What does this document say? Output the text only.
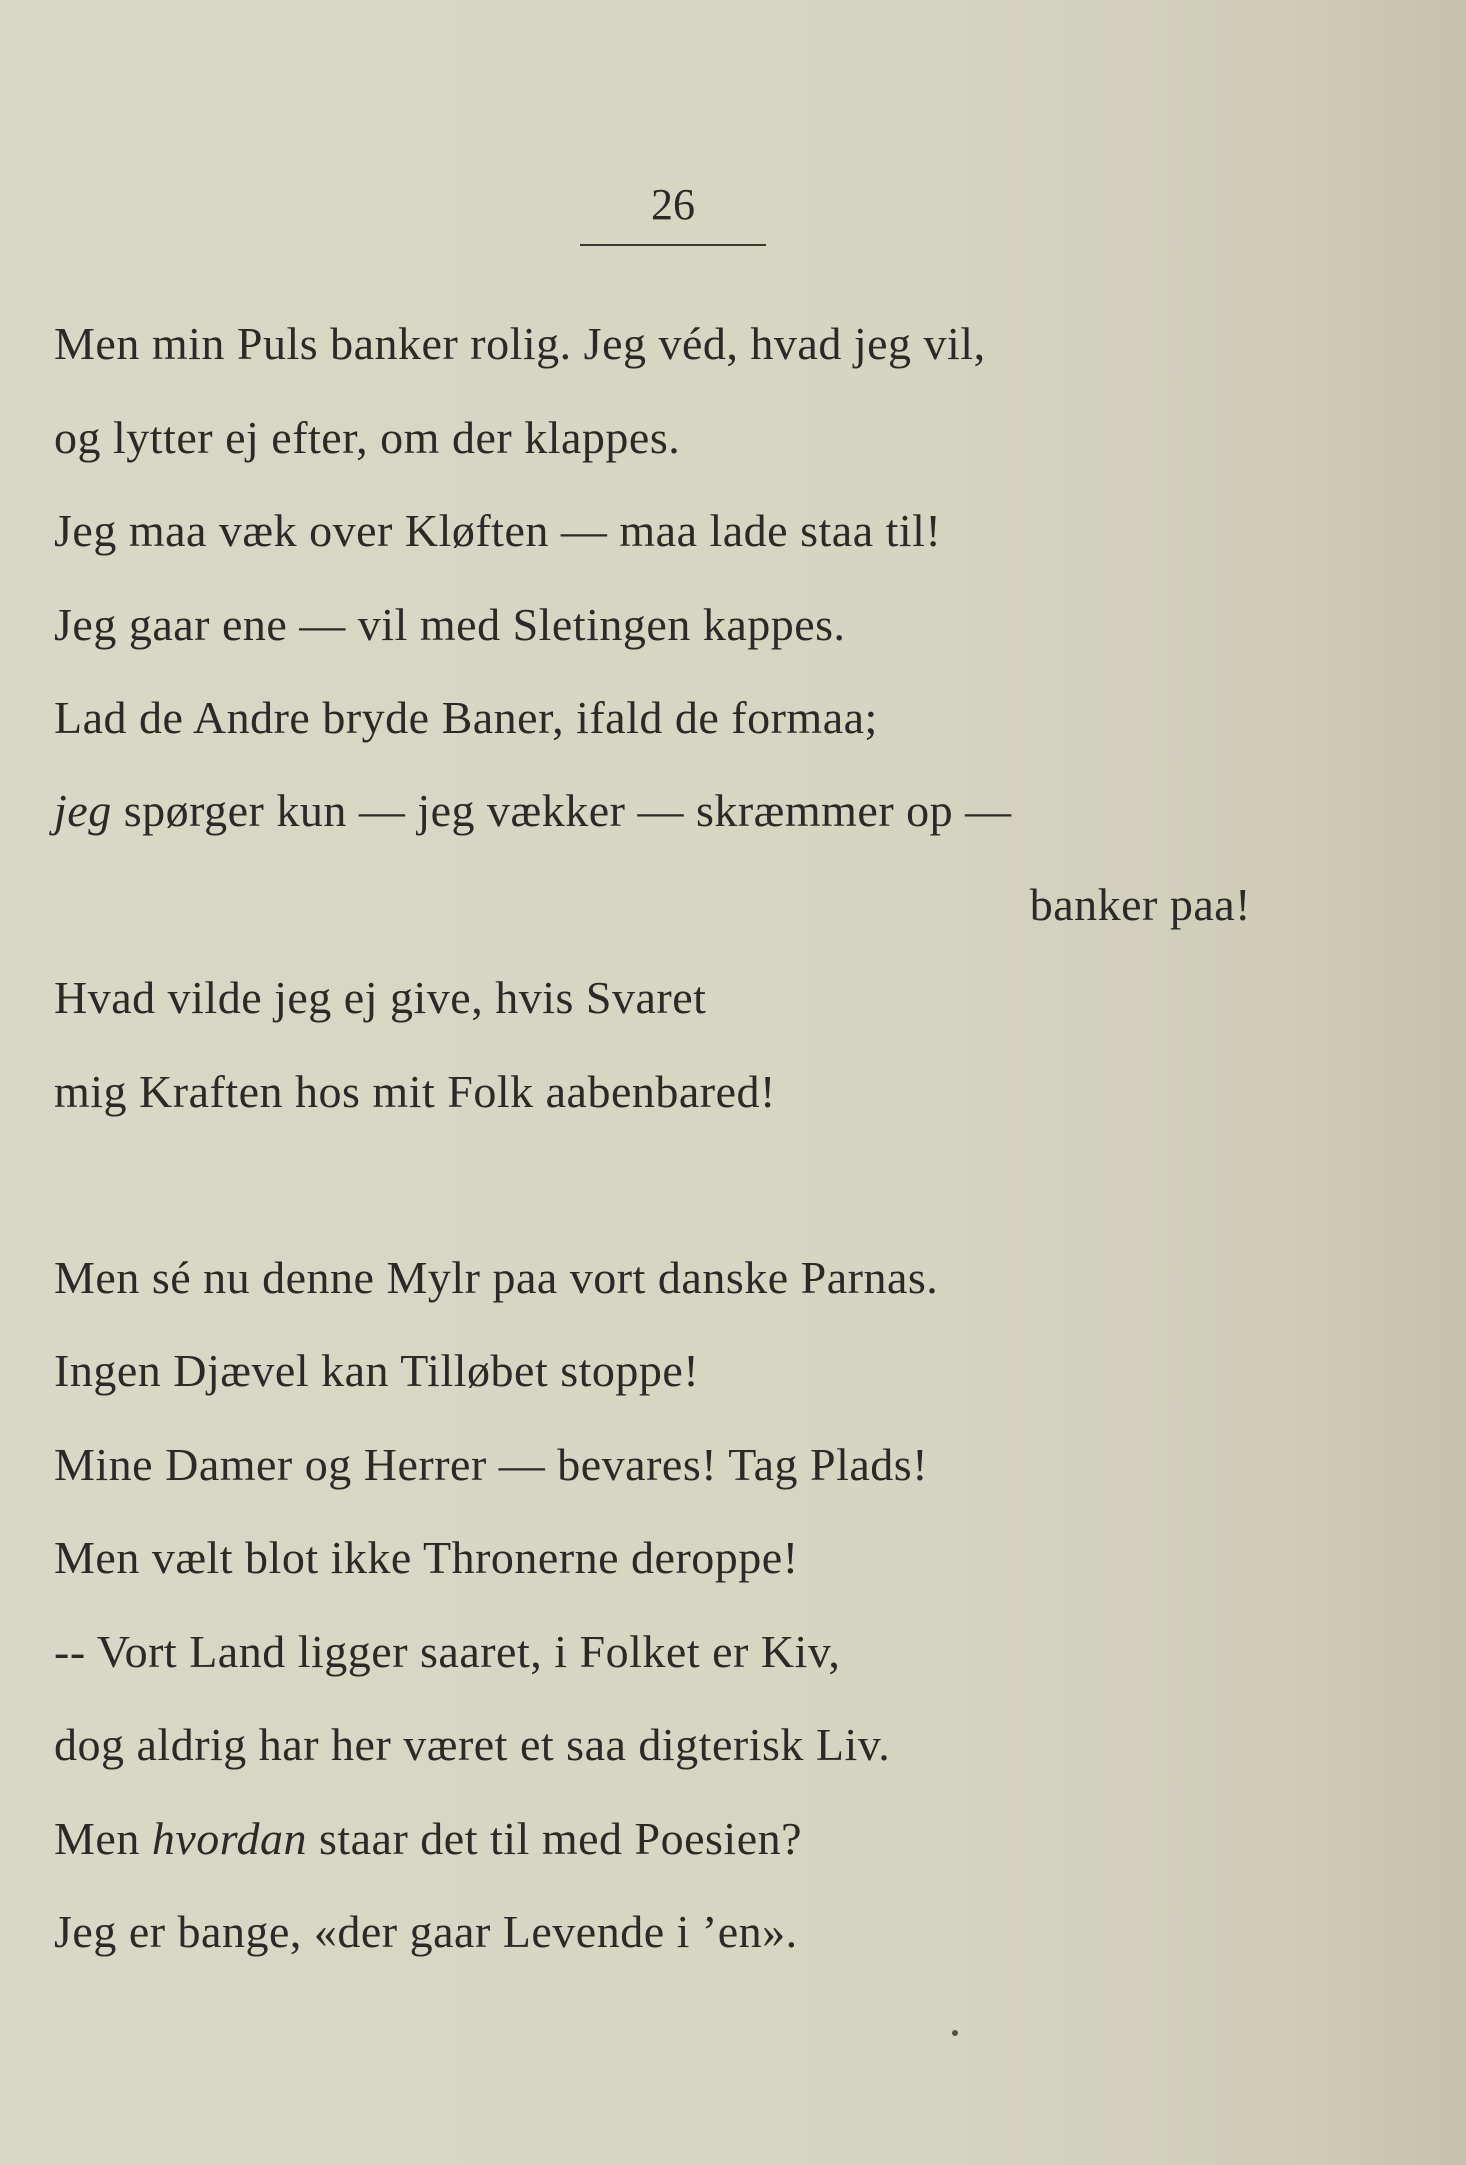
26
Men min Puls banker rolig. Jeg véd, hvad jeg vil,
og lytter ej efter, om der klappes.
Jeg maa væk over Kløften — maa lade staa til!
Jeg gaar ene — vil med Sletingen kappes.
Lad de Andre bryde Baner, ifald de formaa;
jeg spørger kun — jeg vækker — skræmmer op —
banker paa!
Hvad vilde jeg ej give, hvis Svaret
mig Kraften hos mit Folk aabenbared!
Men sé nu denne Mylr paa vort danske Parnas.
Ingen Djævel kan Tilløbet stoppe!
Mine Damer og Herrer — bevares! Tag Plads!
Men vælt blot ikke Thronerne deroppe!
-- Vort Land ligger saaret, i Folket er Kiv,
dog aldrig har her været et saa digterisk Liv.
Men hvordan staar det til med Poesien?
Jeg er bange, «der gaar Levende i ’en».
